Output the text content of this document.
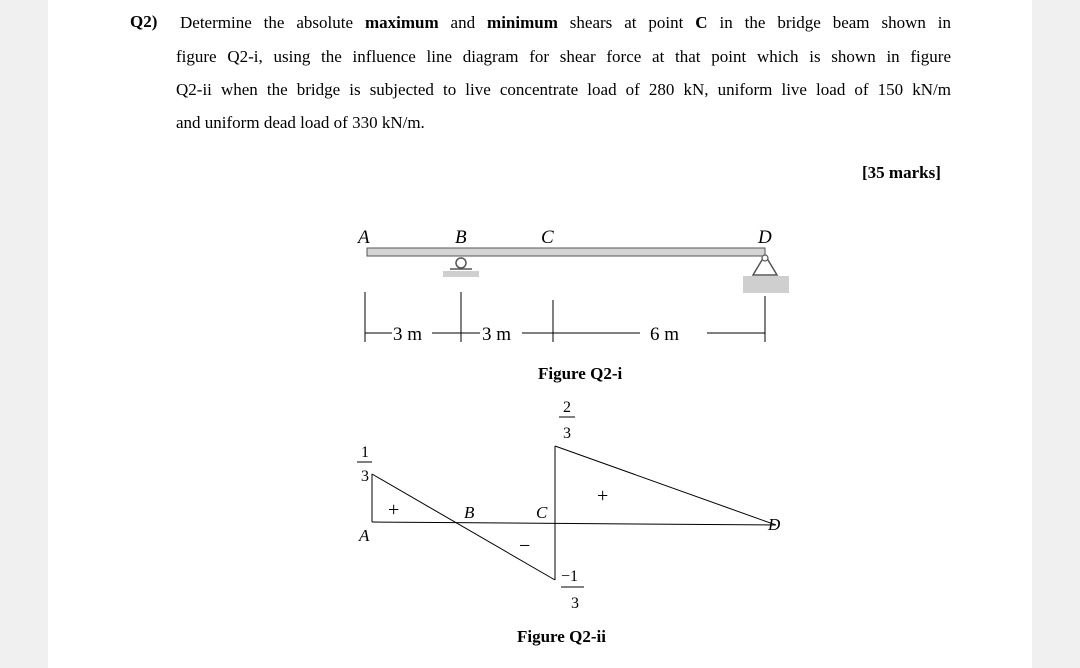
Q2) Determine the absolute maximum and minimum shears at point C in the bridge beam shown in
figure Q2-i, using the influence line diagram for shear force at that point which is shown in figure
Q2-ii when the bridge is subjected to live concentrate load of 280 kN, uniform live load of 150 kN/m
and uniform dead load of 330 kN/m.
[35 marks]
A	B	C	D
3 m	3 m	6 m
Figure Q2-i
1
3
2
3
−1
3
+
−
+
A
B	C
D
Figure Q2-ii
